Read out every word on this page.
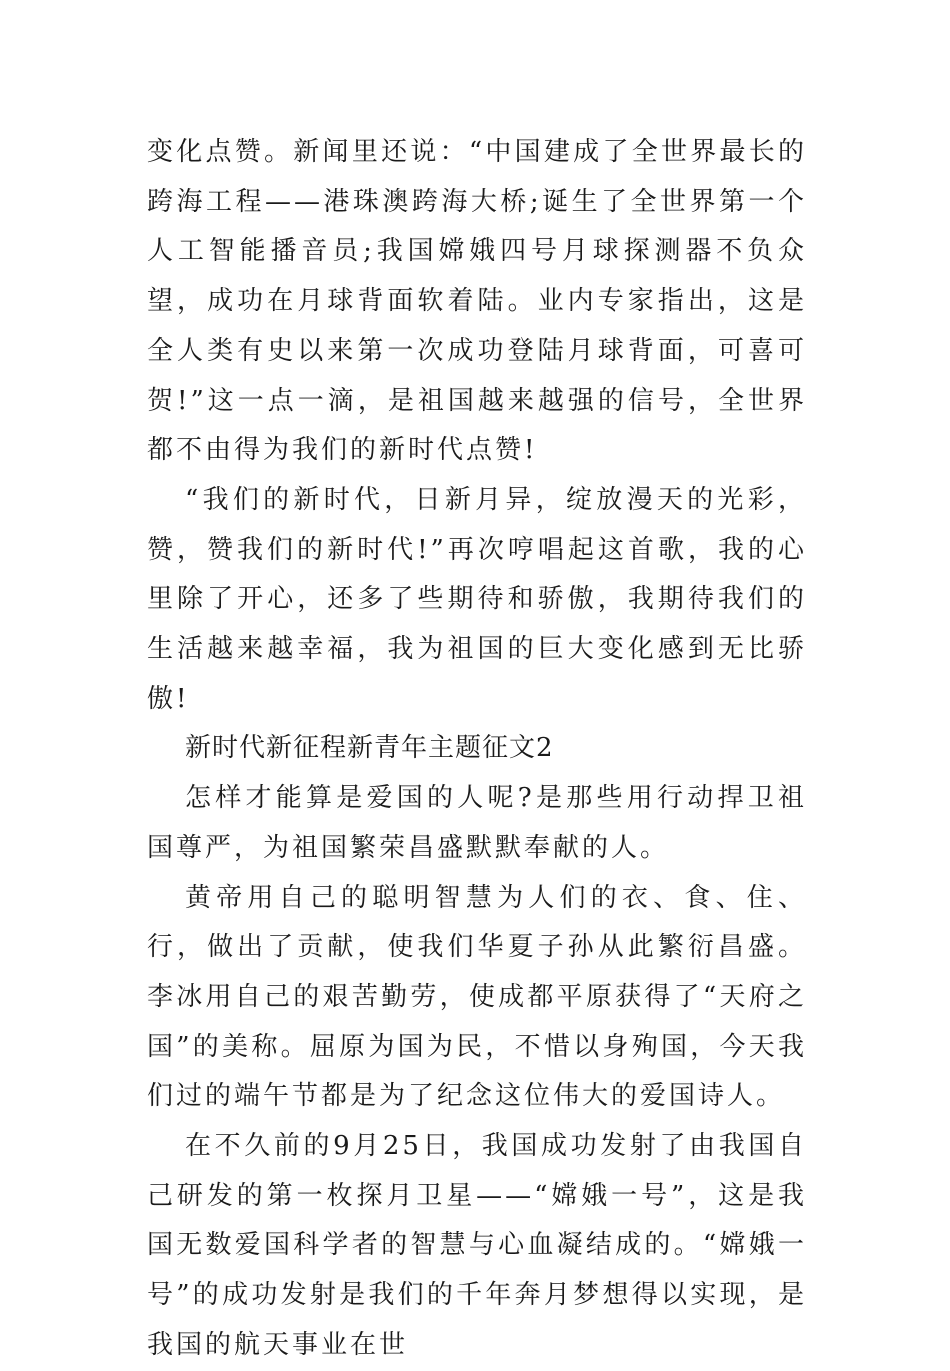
变化点赞。新闻里还说：“中国建成了全世界最长的跨海工程——港珠澳跨海大桥;诞生了全世界第一个人工智能播音员;我国嫦娥四号月球探测器不负众望，成功在月球背面软着陆。业内专家指出，这是全人类有史以来第一次成功登陆月球背面，可喜可贺!”这一点一滴，是祖国越来越强的信号，全世界都不由得为我们的新时代点赞!

“我们的新时代，日新月异，绽放漫天的光彩，赞，赞我们的新时代!”再次哼唱起这首歌，我的心里除了开心，还多了些期待和骄傲，我期待我们的生活越来越幸福，我为祖国的巨大变化感到无比骄傲!

新时代新征程新青年主题征文2

怎样才能算是爱国的人呢?是那些用行动捍卫祖国尊严，为祖国繁荣昌盛默默奉献的人。

黄帝用自己的聪明智慧为人们的衣、食、住、行，做出了贡献，使我们华夏子孙从此繁衍昌盛。李冰用自己的艰苦勤劳，使成都平原获得了“天府之国”的美称。屈原为国为民，不惜以身殉国，今天我们过的端午节都是为了纪念这位伟大的爱国诗人。

在不久前的9月25日，我国成功发射了由我国自己研发的第一枚探月卫星——“嫦娥一号”，这是我国无数爱国科学者的智慧与心血凝结成的。“嫦娥一号”的成功发射是我们的千年奔月梦想得以实现，是我国的航天事业在世
